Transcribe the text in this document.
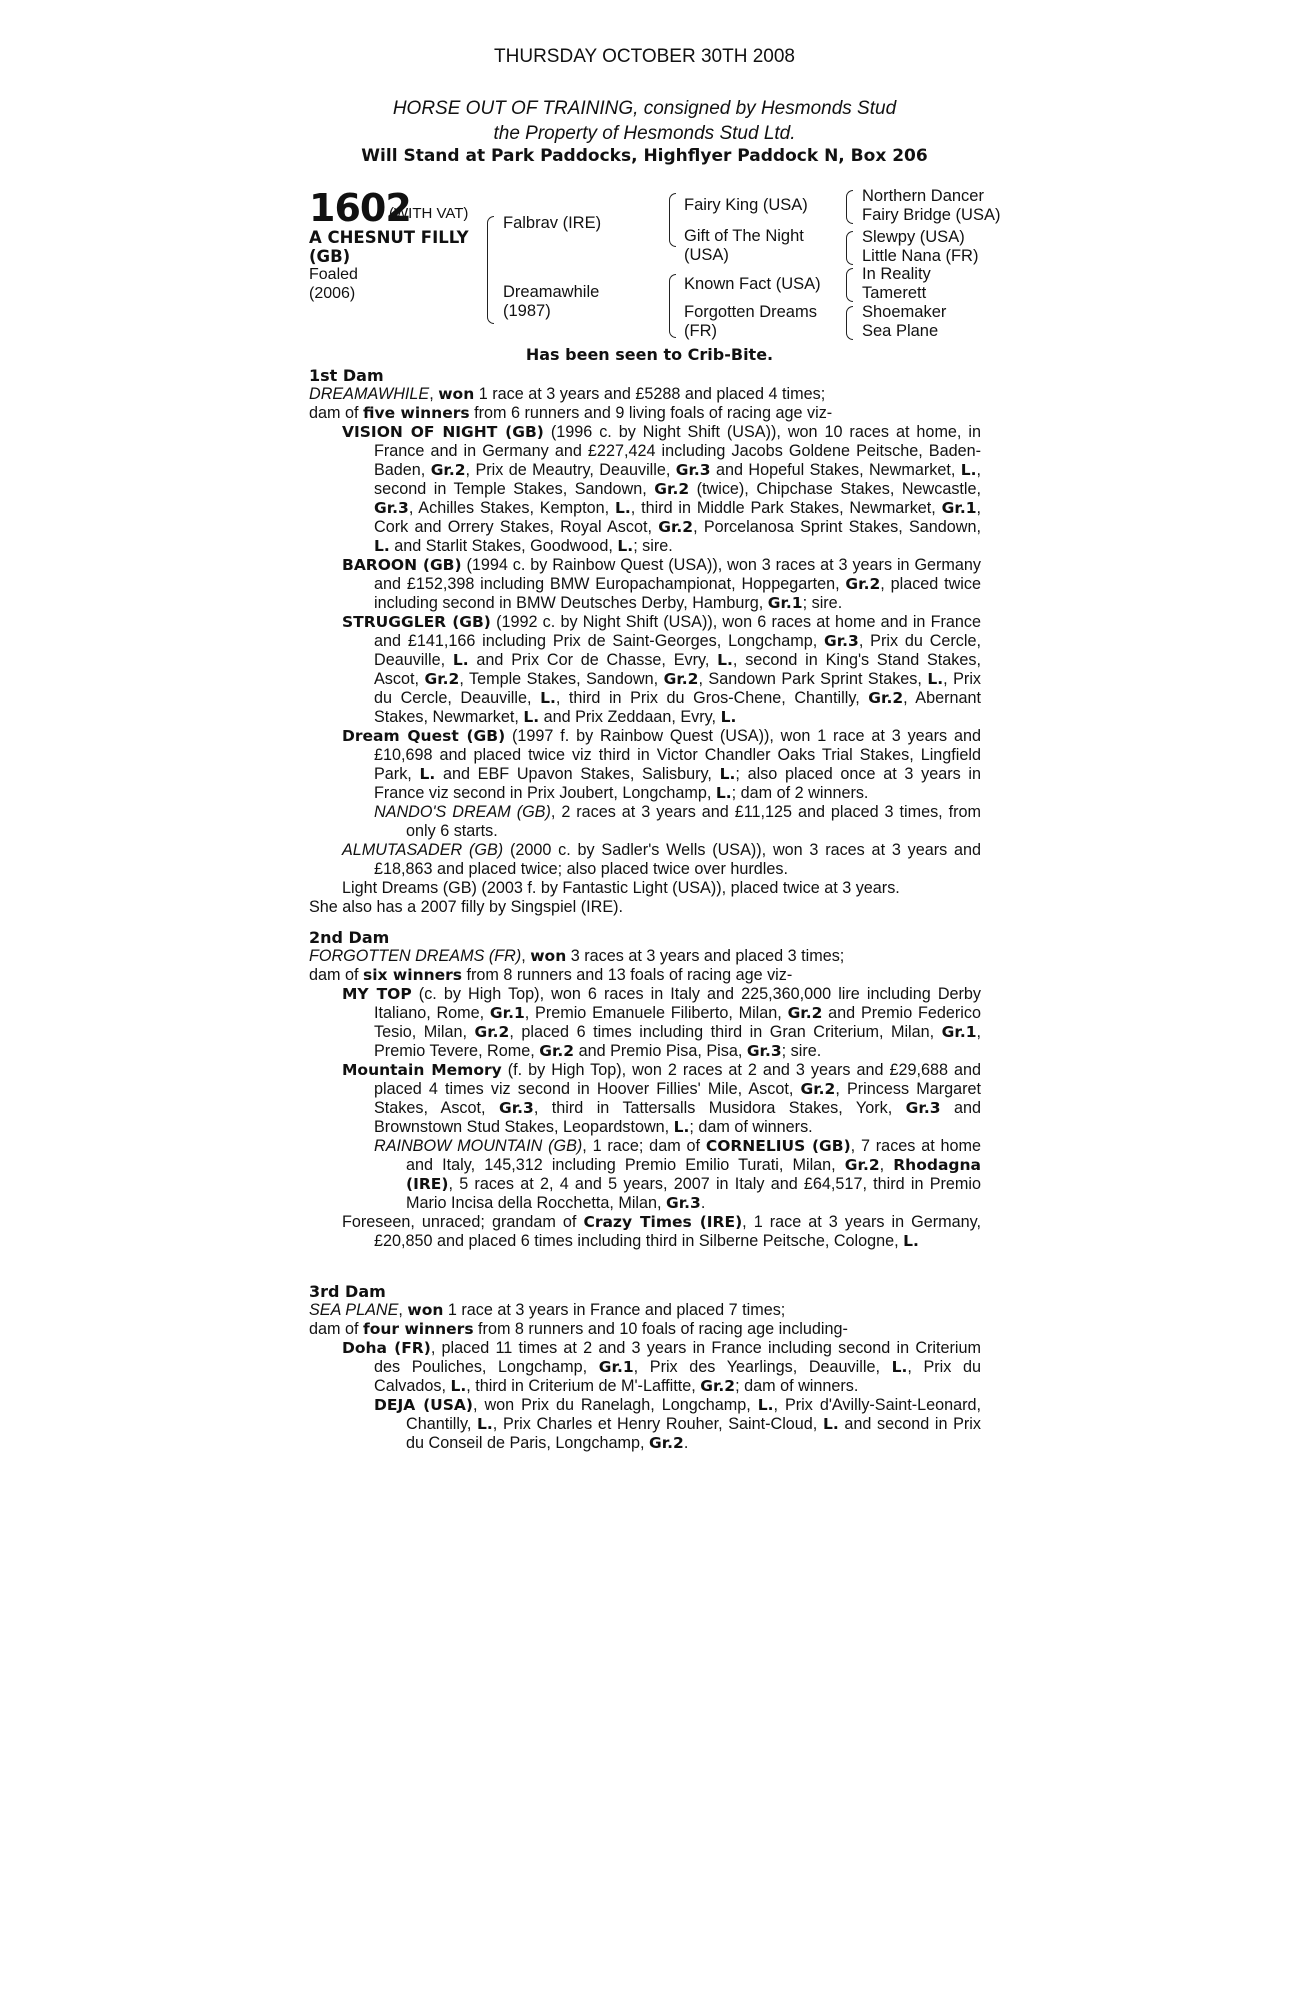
THURSDAY OCTOBER 30TH 2008
HORSE OUT OF TRAINING, consigned by Hesmonds Stud
the Property of Hesmonds Stud Ltd.
Will Stand at Park Paddocks, Highflyer Paddock N, Box 206
1602
(WITH VAT)
A CHESNUT FILLY
(GB)
Foaled
(2006)
Falbrav (IRE)
Dreamawhile
(1987)
Fairy King (USA)
Gift of The Night
(USA)
Known Fact (USA)
Forgotten Dreams
(FR)
Northern Dancer
Fairy Bridge (USA)
Slewpy (USA)
Little Nana (FR)
In Reality
Tamerett
Shoemaker
Sea Plane
Has been seen to Crib-Bite.
1st Dam
DREAMAWHILE, won 1 race at 3 years and £5288 and placed 4 times;
dam of five winners from 6 runners and 9 living foals of racing age viz-
VISION OF NIGHT (GB) (1996 c. by Night Shift (USA)), won 10 races at home, in France and in Germany and £227,424 including Jacobs Goldene Peitsche, Baden-Baden, Gr.2, Prix de Meautry, Deauville, Gr.3 and Hopeful Stakes, Newmarket, L., second in Temple Stakes, Sandown, Gr.2 (twice), Chipchase Stakes, Newcastle, Gr.3, Achilles Stakes, Kempton, L., third in Middle Park Stakes, Newmarket, Gr.1, Cork and Orrery Stakes, Royal Ascot, Gr.2, Porcelanosa Sprint Stakes, Sandown, L. and Starlit Stakes, Goodwood, L.; sire.
BAROON (GB) (1994 c. by Rainbow Quest (USA)), won 3 races at 3 years in Germany and £152,398 including BMW Europachampionat, Hoppegarten, Gr.2, placed twice including second in BMW Deutsches Derby, Hamburg, Gr.1; sire.
STRUGGLER (GB) (1992 c. by Night Shift (USA)), won 6 races at home and in France and £141,166 including Prix de Saint-Georges, Longchamp, Gr.3, Prix du Cercle, Deauville, L. and Prix Cor de Chasse, Evry, L., second in King's Stand Stakes, Ascot, Gr.2, Temple Stakes, Sandown, Gr.2, Sandown Park Sprint Stakes, L., Prix du Cercle, Deauville, L., third in Prix du Gros-Chene, Chantilly, Gr.2, Abernant Stakes, Newmarket, L. and Prix Zeddaan, Evry, L.
Dream Quest (GB) (1997 f. by Rainbow Quest (USA)), won 1 race at 3 years and £10,698 and placed twice viz third in Victor Chandler Oaks Trial Stakes, Lingfield Park, L. and EBF Upavon Stakes, Salisbury, L.; also placed once at 3 years in France viz second in Prix Joubert, Longchamp, L.; dam of 2 winners.
NANDO'S DREAM (GB), 2 races at 3 years and £11,125 and placed 3 times, from only 6 starts.
ALMUTASADER (GB) (2000 c. by Sadler's Wells (USA)), won 3 races at 3 years and £18,863 and placed twice; also placed twice over hurdles.
Light Dreams (GB) (2003 f. by Fantastic Light (USA)), placed twice at 3 years.
She also has a 2007 filly by Singspiel (IRE).
2nd Dam
FORGOTTEN DREAMS (FR), won 3 races at 3 years and placed 3 times;
dam of six winners from 8 runners and 13 foals of racing age viz-
MY TOP (c. by High Top), won 6 races in Italy and 225,360,000 lire including Derby Italiano, Rome, Gr.1, Premio Emanuele Filiberto, Milan, Gr.2 and Premio Federico Tesio, Milan, Gr.2, placed 6 times including third in Gran Criterium, Milan, Gr.1, Premio Tevere, Rome, Gr.2 and Premio Pisa, Pisa, Gr.3; sire.
Mountain Memory (f. by High Top), won 2 races at 2 and 3 years and £29,688 and placed 4 times viz second in Hoover Fillies' Mile, Ascot, Gr.2, Princess Margaret Stakes, Ascot, Gr.3, third in Tattersalls Musidora Stakes, York, Gr.3 and Brownstown Stud Stakes, Leopardstown, L.; dam of winners.
RAINBOW MOUNTAIN (GB), 1 race; dam of CORNELIUS (GB), 7 races at home and Italy, 145,312 including Premio Emilio Turati, Milan, Gr.2, Rhodagna (IRE), 5 races at 2, 4 and 5 years, 2007 in Italy and £64,517, third in Premio Mario Incisa della Rocchetta, Milan, Gr.3.
Foreseen, unraced; grandam of Crazy Times (IRE), 1 race at 3 years in Germany, £20,850 and placed 6 times including third in Silberne Peitsche, Cologne, L.
3rd Dam
SEA PLANE, won 1 race at 3 years in France and placed 7 times;
dam of four winners from 8 runners and 10 foals of racing age including-
Doha (FR), placed 11 times at 2 and 3 years in France including second in Criterium des Pouliches, Longchamp, Gr.1, Prix des Yearlings, Deauville, L., Prix du Calvados, L., third in Criterium de M'-Laffitte, Gr.2; dam of winners.
DEJA (USA), won Prix du Ranelagh, Longchamp, L., Prix d'Avilly-Saint-Leonard, Chantilly, L., Prix Charles et Henry Rouher, Saint-Cloud, L. and second in Prix du Conseil de Paris, Longchamp, Gr.2.
